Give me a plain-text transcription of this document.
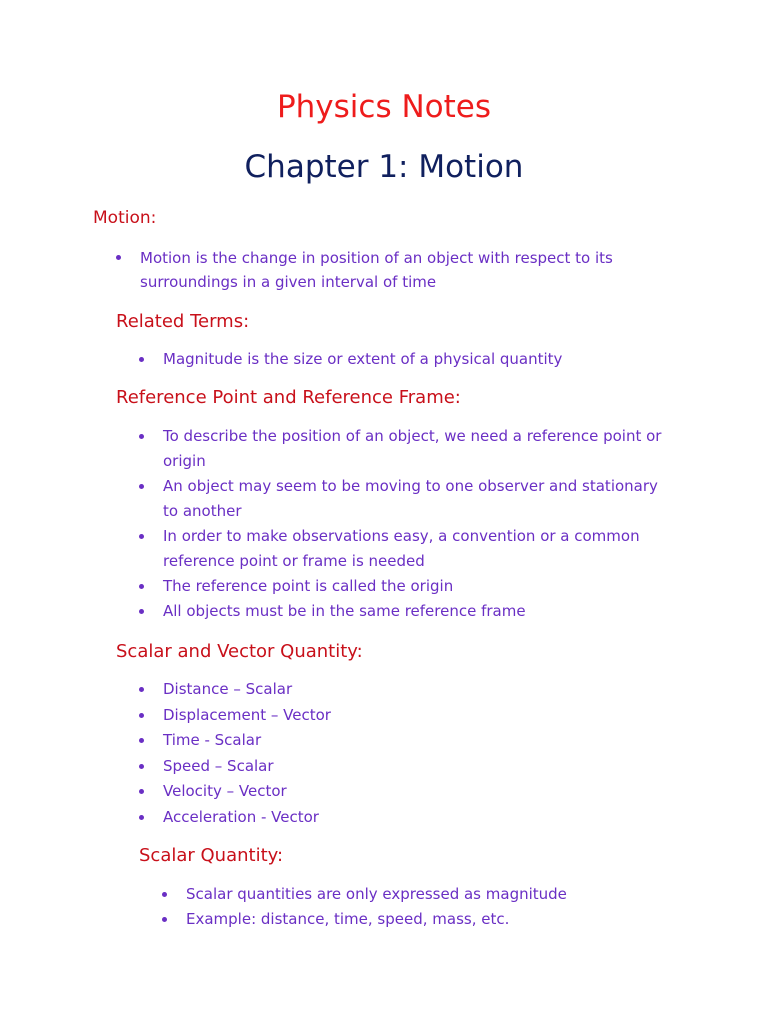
Physics Notes
Chapter 1: Motion
Motion:
Motion is the change in position of an object with respect to its surroundings in a given interval of time
Related Terms:
Magnitude is the size or extent of a physical quantity
Reference Point and Reference Frame:
To describe the position of an object, we need a reference point or origin
An object may seem to be moving to one observer and stationary to another
In order to make observations easy, a convention or a common reference point or frame is needed
The reference point is called the origin
All objects must be in the same reference frame
Scalar and Vector Quantity:
Distance – Scalar
Displacement – Vector
Time - Scalar
Speed – Scalar
Velocity – Vector
Acceleration - Vector
Scalar Quantity:
Scalar quantities are only expressed as magnitude
Example: distance, time, speed, mass, etc.
